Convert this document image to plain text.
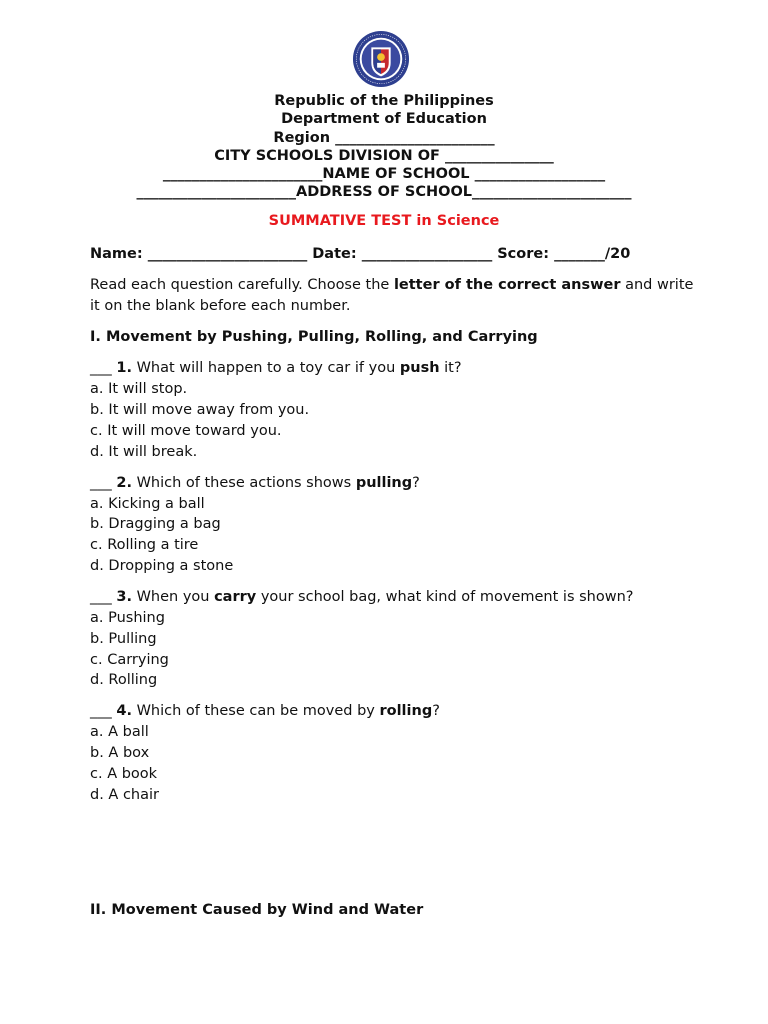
Republic of the Philippines
Department of Education
Region ______________________
CITY SCHOOLS DIVISION OF _______________
______________________NAME OF SCHOOL __________________
______________________ADDRESS OF SCHOOL______________________
SUMMATIVE TEST in Science

Name: ______________________ Date: __________________ Score: _______/20

Read each question carefully. Choose the letter of the correct answer and write it on the blank before each number.

I. Movement by Pushing, Pulling, Rolling, and Carrying
___ 1. What will happen to a toy car if you push it?
a. It will stop.
b. It will move away from you.
c. It will move toward you.
d. It will break.
___ 2. Which of these actions shows pulling?
a. Kicking a ball
b. Dragging a bag
c. Rolling a tire
d. Dropping a stone
___ 3. When you carry your school bag, what kind of movement is shown?
a. Pushing
b. Pulling
c. Carrying
d. Rolling
___ 4. Which of these can be moved by rolling?
a. A ball
b. A box
c. A book
d. A chair
II. Movement Caused by Wind and Water
